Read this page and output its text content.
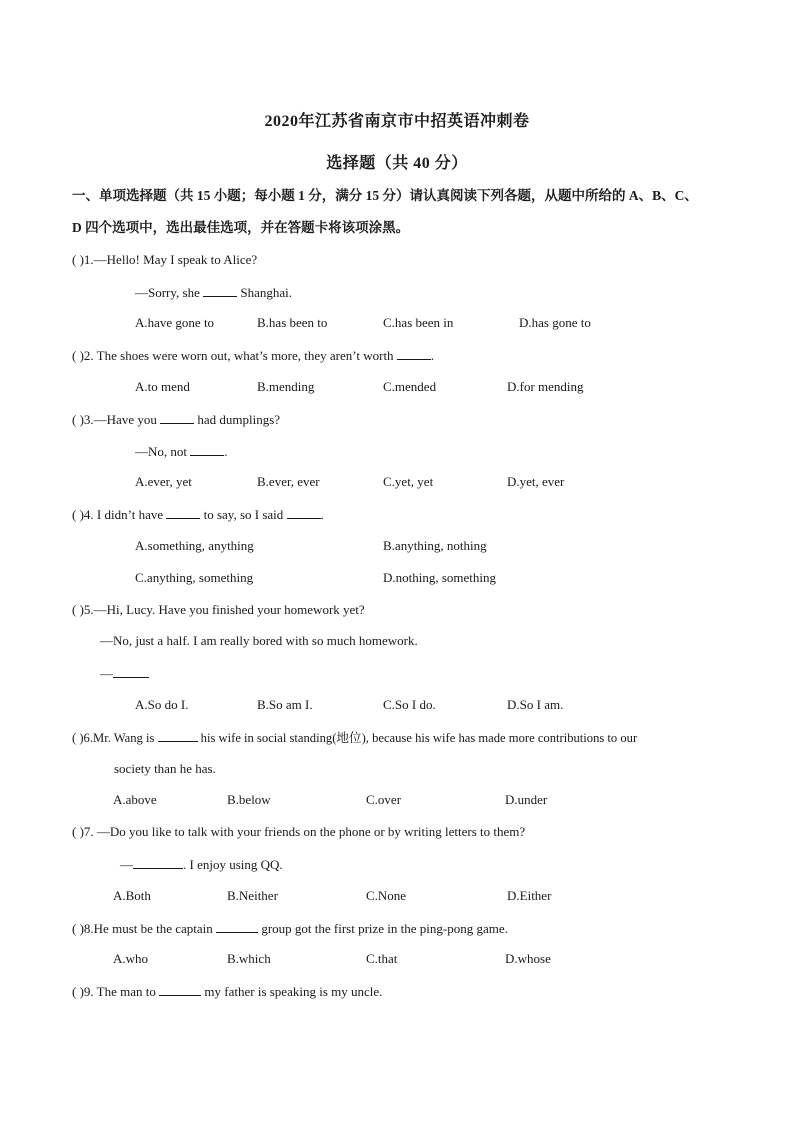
2020年江苏省南京市中招英语冲刺卷
选择题（共 40 分）
一、单项选择题（共 15 小题；每小题 1 分，满分 15 分）请认真阅读下列各题，从题中所给的 A、B、C、
D 四个选项中，选出最佳选项，并在答题卡将该项涂黑。
( )1.—Hello! May I speak to Alice?
—Sorry, she	Shanghai.
A.have gone to	B.has been to	C.has been in	D.has gone to
( )2. The shoes were worn out, what’s more, they aren’t worth	.
A.to mend	B.mending	C.mended	D.for mending
( )3.—Have you	had dumplings?
—No, not	.
A.ever, yet	B.ever, ever	C.yet, yet	D.yet, ever
( )4. I didn’t have	to say, so I said	.
A.something, anything	B.anything, nothing
C.anything, something	D.nothing, something
( )5.—Hi, Lucy. Have you finished your homework yet?
—No, just a half. I am really bored with so much homework.
—
A.So do I.	B.So am I.	C.So I do.	D.So I am.
( )6.Mr. Wang is	his wife in social standing(地位), because his wife has made more contributions to our
society than he has.
A.above	B.below	C.over	D.under
( )7. —Do you like to talk with your friends on the phone or by writing letters to them?
—	. I enjoy using QQ.
A.Both	B.Neither	C.None	D.Either
( )8.He must be the captain	group got the first prize in the ping-pong game.
A.who	B.which	C.that	D.whose
( )9. The man to	my father is speaking is my uncle.
